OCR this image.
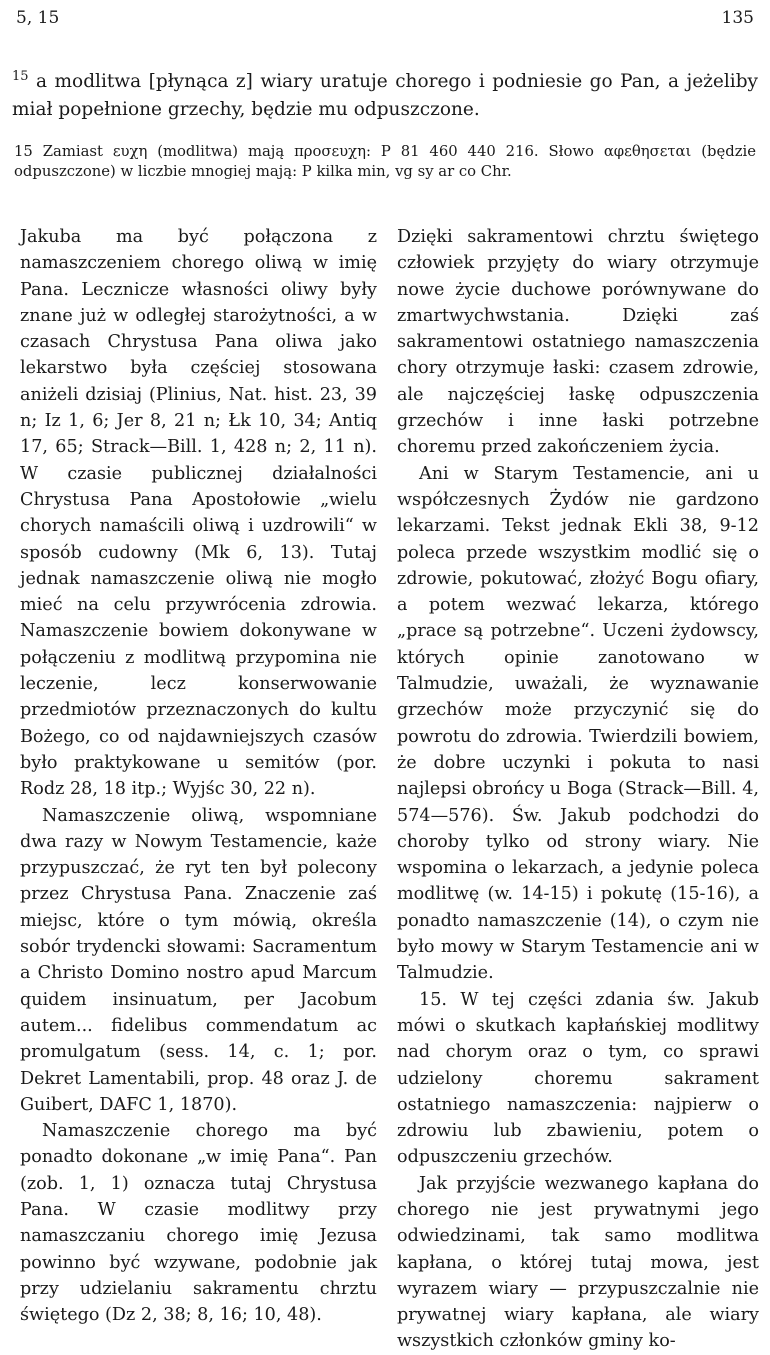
5, 15	135
$^{15}$ a modlitwa [płynąca z] wiary uratuje chorego i podniesie go Pan, a jeżeliby miał popełnione grzechy, będzie mu odpuszczone.
15 Zamiast ευχη (modlitwa) mają προσευχη: P 81 460 440 216. Słowo αφεθησεται (będzie odpuszczone) w liczbie mnogiej mają: P kilka min, vg sy ar co Chr.

Jakuba ma być połączona z namaszczeniem chorego oliwą w imię Pana. Lecznicze własności oliwy były znane już w odległej starożytności, a w czasach Chrystusa Pana oliwa jako lekarstwo była częściej stosowana aniżeli dzisiaj (Plinius, Nat. hist. 23, 39 n; Iz 1, 6; Jer 8, 21 n; Łk 10, 34; Antiq 17, 65; Strack—Bill. 1, 428 n; 2, 11 n). W czasie publicznej działalności Chrystusa Pana Apostołowie „wielu chorych namaścili oliwą i uzdrowili“ w sposób cudowny (Mk 6, 13). Tutaj jednak namaszczenie oliwą nie mogło mieć na celu przywrócenia zdrowia. Namaszczenie bowiem dokonywane w połączeniu z modlitwą przypomina nie leczenie, lecz konserwowanie przedmiotów przeznaczonych do kultu Bożego, co od najdawniejszych czasów było praktykowane u semitów (por. Rodz 28, 18 itp.; Wyjśc 30, 22 n).

Namaszczenie oliwą, wspomniane dwa razy w Nowym Testamencie, każe przypuszczać, że ryt ten był polecony przez Chrystusa Pana. Znaczenie zaś miejsc, które o tym mówią, określa sobór trydencki słowami: Sacramentum a Christo Domino nostro apud Marcum quidem insinuatum, per Jacobum autem... fidelibus commendatum ac promulgatum (sess. 14, c. 1; por. Dekret Lamentabili, prop. 48 oraz J. de Guibert, DAFC 1, 1870).

Namaszczenie chorego ma być ponadto dokonane „w imię Pana“. Pan (zob. 1, 1) oznacza tutaj Chrystusa Pana. W czasie modlitwy przy namaszczaniu chorego imię Jezusa powinno być wzywane, podobnie jak przy udzielaniu sakramentu chrztu świętego (Dz 2, 38; 8, 16; 10, 48).

Dzięki sakramentowi chrztu świętego człowiek przyjęty do wiary otrzymuje nowe życie duchowe porównywane do zmartwychwstania. Dzięki zaś sakramentowi ostatniego namaszczenia chory otrzymuje łaski: czasem zdrowie, ale najczęściej łaskę odpuszczenia grzechów i inne łaski potrzebne choremu przed zakończeniem życia.

Ani w Starym Testamencie, ani u współczesnych Żydów nie gardzono lekarzami. Tekst jednak Ekli 38, 9-12 poleca przede wszystkim modlić się o zdrowie, pokutować, złożyć Bogu ofiary, a potem wezwać lekarza, którego „prace są potrzebne“. Uczeni żydowscy, których opinie zanotowano w Talmudzie, uważali, że wyznawanie grzechów może przyczynić się do powrotu do zdrowia. Twierdzili bowiem, że dobre uczynki i pokuta to nasi najlepsi obrońcy u Boga (Strack—Bill. 4, 574—576). Św. Jakub podchodzi do choroby tylko od strony wiary. Nie wspomina o lekarzach, a jedynie poleca modlitwę (w. 14-15) i pokutę (15-16), a ponadto namaszczenie (14), o czym nie było mowy w Starym Testamencie ani w Talmudzie.

15. W tej części zdania św. Jakub mówi o skutkach kapłańskiej modlitwy nad chorym oraz o tym, co sprawi udzielony choremu sakrament ostatniego namaszczenia: najpierw o zdrowiu lub zbawieniu, potem o odpuszczeniu grzechów.

Jak przyjście wezwanego kapłana do chorego nie jest prywatnymi jego odwiedzinami, tak samo modlitwa kapłana, o której tutaj mowa, jest wyrazem wiary — przypuszczalnie nie prywatnej wiary kapłana, ale wiary wszystkich członków gminy ko-
